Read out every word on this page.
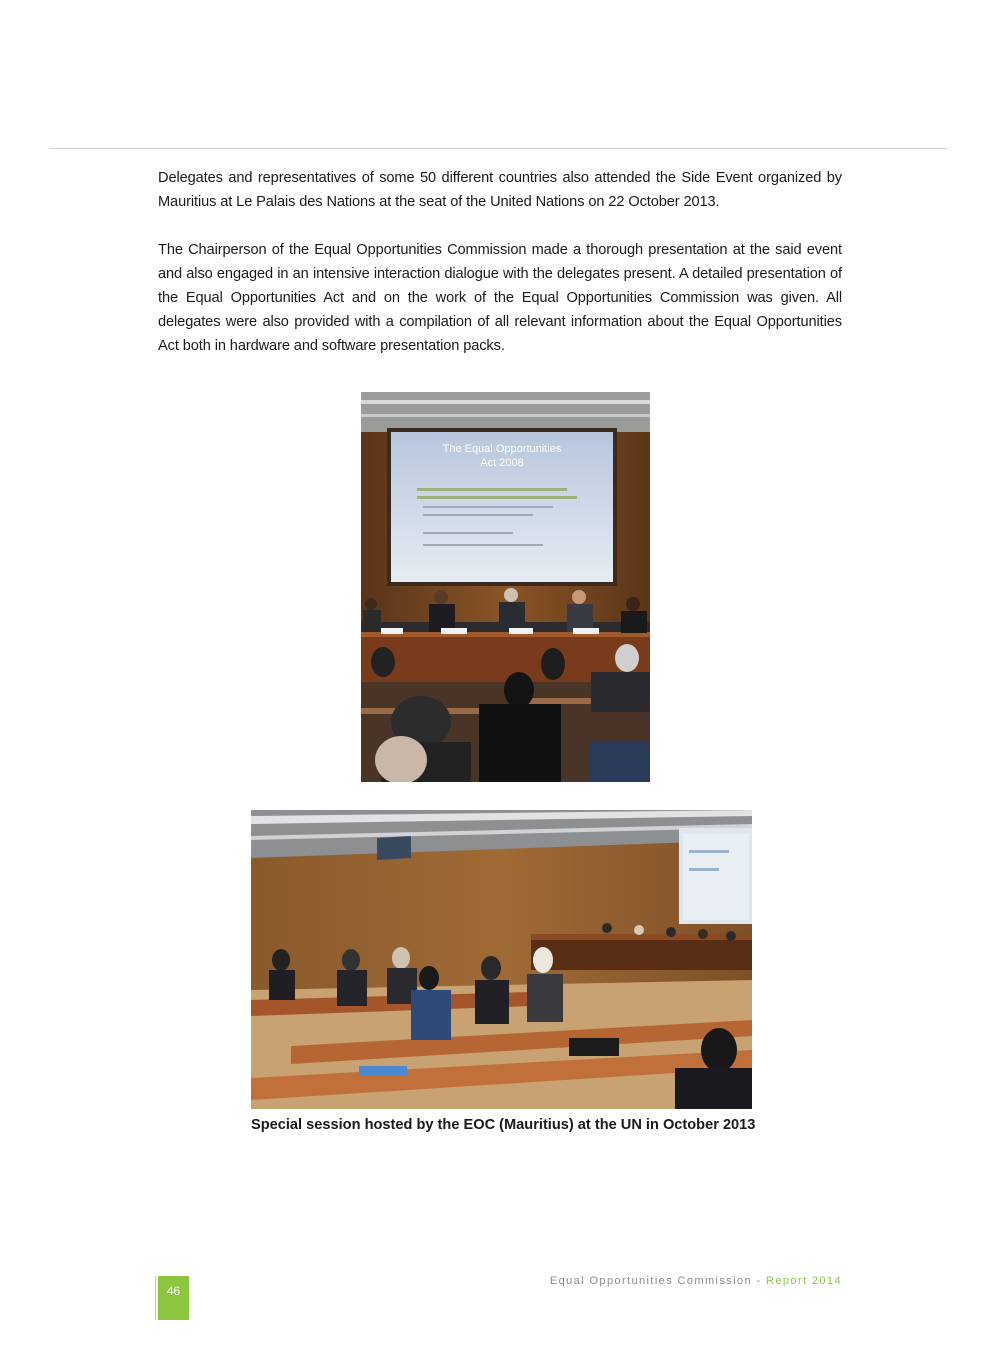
Delegates and representatives of some 50 different countries also attended the Side Event organized by Mauritius at Le Palais des Nations at the seat of the United Nations on 22 October 2013.

The Chairperson of the Equal Opportunities Commission made a thorough presentation at the said event and also engaged in an intensive interaction dialogue with the delegates present. A detailed presentation of the Equal Opportunities Act and on the work of the Equal Opportunities Commission was given. All delegates were also provided with a compilation of all relevant information about the Equal Opportunities Act both in hardware and software presentation packs.

The Equal Opportunities
Act 2008
Special session hosted by the EOC (Mauritius) at the UN in October 2013
Equal Opportunities Commission - Report 2014
46
